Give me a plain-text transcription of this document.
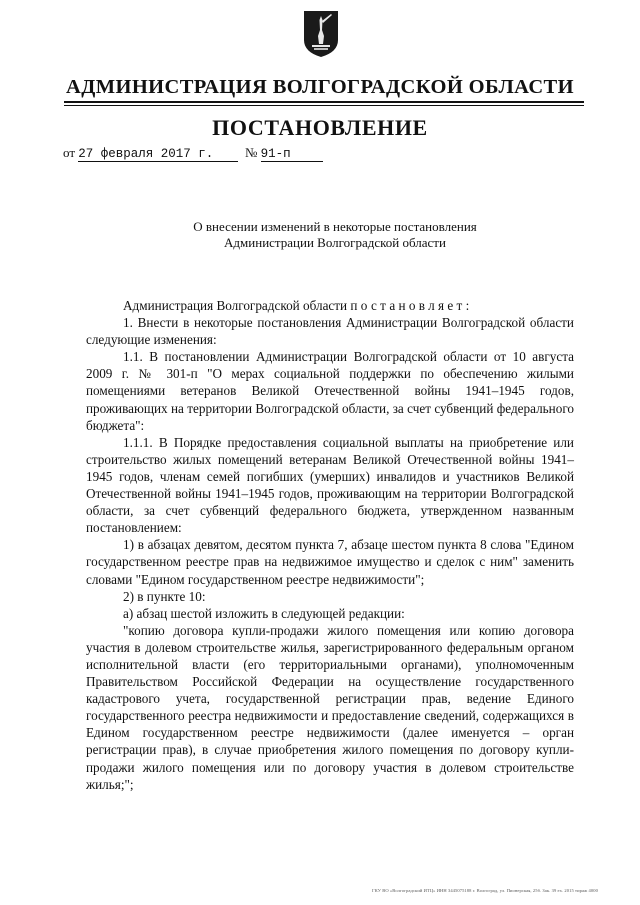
АДМИНИСТРАЦИЯ ВОЛГОГРАДСКОЙ ОБЛАСТИ
ПОСТАНОВЛЕНИЕ
от 27 февраля 2017 г.	№ 91-п
О внесении изменений в некоторые постановления
Администрации Волгоградской области

Администрация Волгоградской области постановляет:

1. Внести в некоторые постановления Администрации Волгоградской области следующие изменения:

1.1. В постановлении Администрации Волгоградской области от 10 августа 2009 г. № 301-п "О мерах социальной поддержки по обеспечению жилыми помещениями ветеранов Великой Отечественной войны 1941–1945 годов, проживающих на территории Волгоградской области, за счет субвенций федерального бюджета":

1.1.1. В Порядке предоставления социальной выплаты на приобретение или строительство жилых помещений ветеранам Великой Отечественной войны 1941–1945 годов, членам семей погибших (умерших) инвалидов и участников Великой Отечественной войны 1941–1945 годов, проживающим на территории Волгоградской области, за счет субвенций федерального бюджета, утвержденном названным постановлением:

1) в абзацах девятом, десятом пункта 7, абзаце шестом пункта 8 слова "Едином государственном реестре прав на недвижимое имущество и сделок с ним" заменить словами "Едином государственном реестре недвижимости";

2) в пункте 10:

а) абзац шестой изложить в следующей редакции:

"копию договора купли-продажи жилого помещения или копию договора участия в долевом строительстве жилья, зарегистрированного федеральным органом исполнительной власти (его территориальными органами), уполномоченным Правительством Российской Федерации на осуществление государственного кадастрового учета, государственной регистрации прав, ведение Единого государственного реестра недвижимости и предоставление сведений, содержащихся в Едином государственном реестре недвижимости (далее именуется – орган регистрации прав), в случае приобретения жилого помещения по договору купли-продажи жилого помещения или по договору участия в долевом строительстве жилья;";

ГКУ ВО «Волгоградский ИТЦ» ИНН 3445075188 г. Волгоград, ул. Пионерская, 25б. Зак. 39 ex. 2015 тираж 4000
